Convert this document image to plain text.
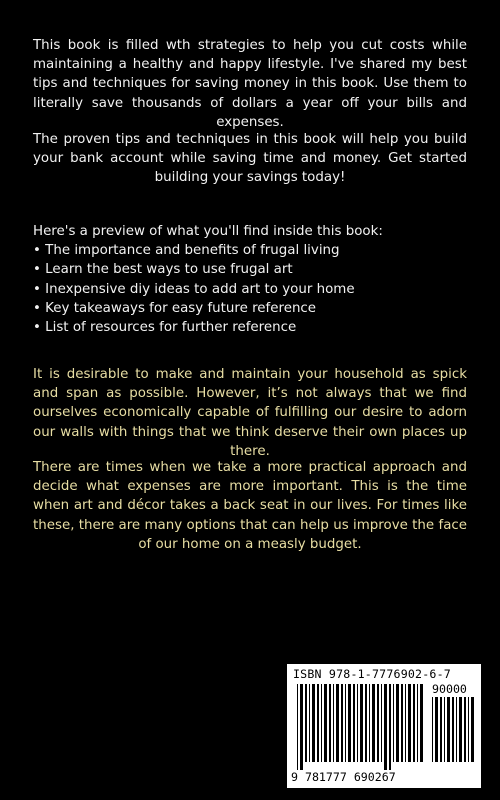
This book is filled wth strategies to help you cut costs while maintaining a healthy and happy lifestyle. I've shared my best tips and techniques for saving money in this book. Use them to literally save thousands of dollars a year off your bills and expenses.

The proven tips and techniques in this book will help you build your bank account while saving time and money. Get started building your savings today!

Here's a preview of what you'll find inside this book:
• The importance and benefits of frugal living
• Learn the best ways to use frugal art
• Inexpensive diy ideas to add art to your home
• Key takeaways for easy future reference
• List of resources for further reference

It is desirable to make and maintain your household as spick and span as possible. However, it’s not always that we find ourselves economically capable of fulfilling our desire to adorn our walls with things that we think deserve their own places up there.

There are times when we take a more practical approach and decide what expenses are more important. This is the time when art and décor takes a back seat in our lives. For times like these, there are many options that can help us improve the face of our home on a measly budget.

ISBN 978-1-7776902-6-7
90000
9 781777 690267
